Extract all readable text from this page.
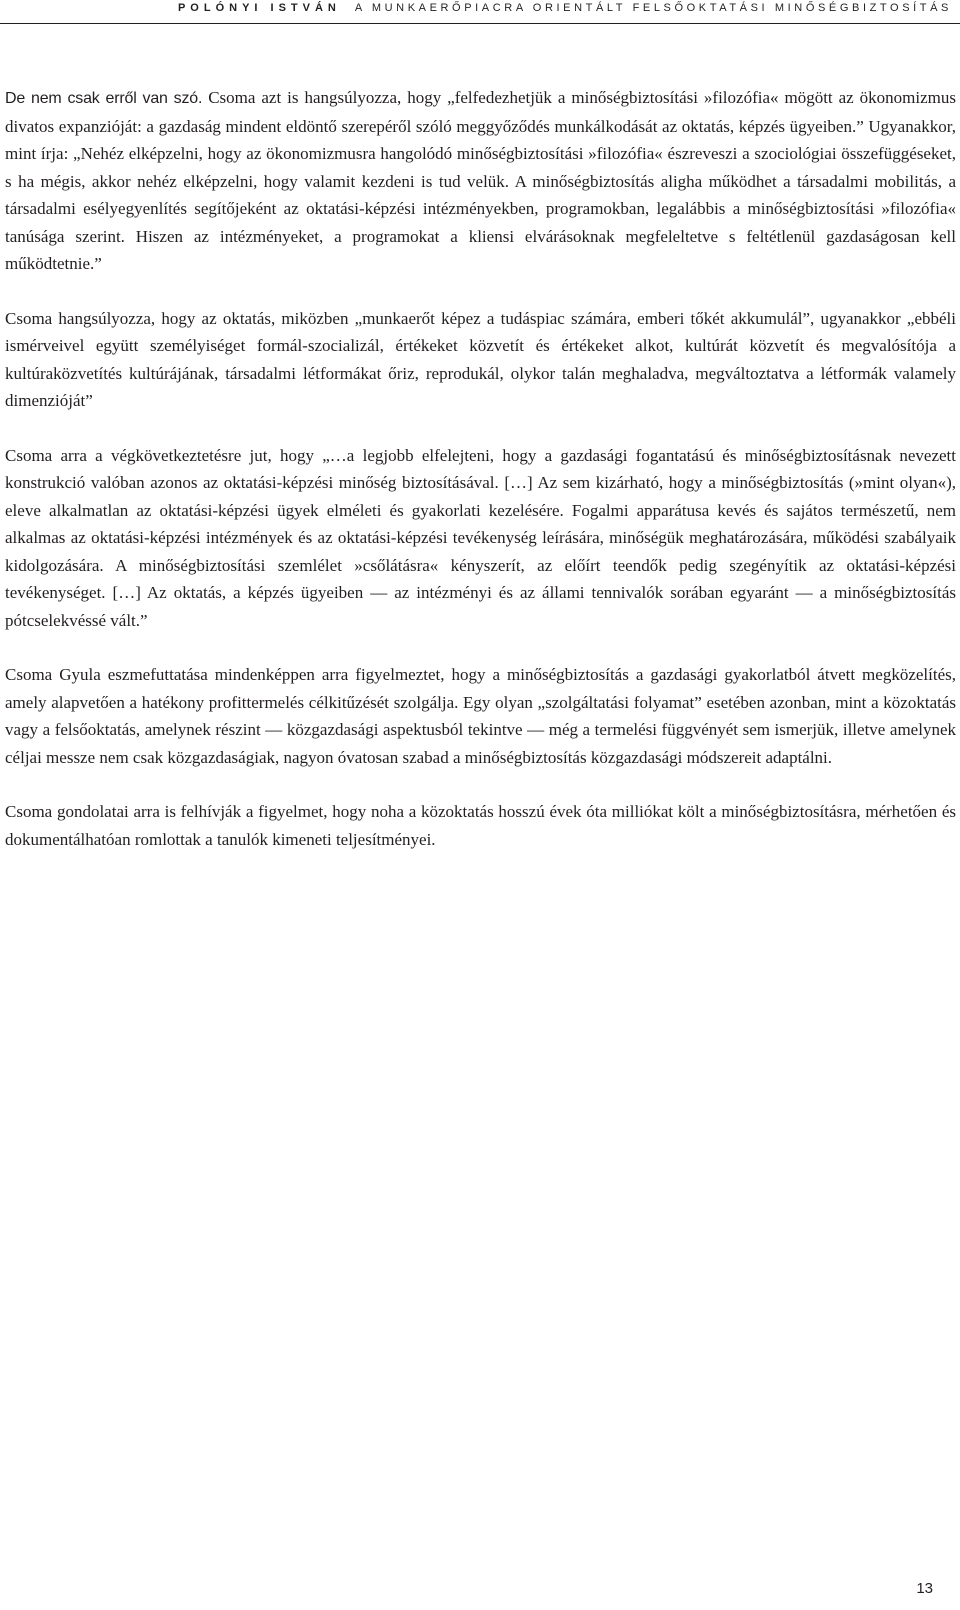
POLÓNYI ISTVÁN A MUNKAERŐPIACRA ORIENTÁLT FELSŐOKTATÁSI MINŐSÉGBIZTOSÍTÁS

De nem csak erről van szó. Csoma azt is hangsúlyozza, hogy „felfedezhetjük a minőségbiztosítási »filozófia« mögött az ökonomizmus divatos expanzióját: a gazdaság mindent eldöntő szerepéről szóló meggyőződés munkálkodását az oktatás, képzés ügyeiben.” Ugyanakkor, mint írja: „Nehéz elképzelni, hogy az ökonomizmusra hangolódó minőségbiztosítási »filozófia« észreveszi a szociológiai összefüggéseket, s ha mégis, akkor nehéz elképzelni, hogy valamit kezdeni is tud velük. A minőségbiztosítás aligha működhet a társadalmi mobilitás, a társadalmi esélyegyenlítés segítőjeként az oktatási-képzési intézményekben, programokban, legalábbis a minőségbiztosítási »filozófia« tanúsága szerint. Hiszen az intézményeket, a programokat a kliensi elvárásoknak megfeleltetve s feltétlenül gazdaságosan kell működtetnie.”

Csoma hangsúlyozza, hogy az oktatás, miközben „munkaerőt képez a tudáspiac számára, emberi tőkét akkumulál”, ugyanakkor „ebbéli ismérveivel együtt személyiséget formál-szocializál, értékeket közvetít és értékeket alkot, kultúrát közvetít és megvalósítója a kultúraközvetítés kultúrájának, társadalmi létformákat őriz, reprodukál, olykor talán meghaladva, megváltoztatva a létformák valamely dimenzióját”

Csoma arra a végkövetkeztetésre jut, hogy „…a legjobb elfelejteni, hogy a gazdasági fogantatású és minőségbiztosításnak nevezett konstrukció valóban azonos az oktatási-képzési minőség biztosításával. […] Az sem kizárható, hogy a minőségbiztosítás (»mint olyan«), eleve alkalmatlan az oktatási-képzési ügyek elméleti és gyakorlati kezelésére. Fogalmi apparátusa kevés és sajátos természetű, nem alkalmas az oktatási-képzési intézmények és az oktatási-képzési tevékenység leírására, minőségük meghatározására, működési szabályaik kidolgozására. A minőségbiztosítási szemlélet »csőlátásra« kényszerít, az előírt teendők pedig szegényítik az oktatási-képzési tevékenységet. […] Az oktatás, a képzés ügyeiben — az intézményi és az állami tennivalók sorában egyaránt — a minőségbiztosítás pótcselekvéssé vált.”

Csoma Gyula eszmefuttatása mindenképpen arra figyelmeztet, hogy a minőségbiztosítás a gazdasági gyakorlatból átvett megközelítés, amely alapvetően a hatékony profittermelés célkitűzését szolgálja. Egy olyan „szolgáltatási folyamat” esetében azonban, mint a közoktatás vagy a felsőoktatás, amelynek részint — közgazdasági aspektusból tekintve — még a termelési függvényét sem ismerjük, illetve amelynek céljai messze nem csak közgazdaságiak, nagyon óvatosan szabad a minőségbiztosítás közgazdasági módszereit adaptálni.

Csoma gondolatai arra is felhívják a figyelmet, hogy noha a közoktatás hosszú évek óta milliókat költ a minőségbiztosításra, mérhetően és dokumentálhatóan romlottak a tanulók kimeneti teljesítményei.

13
